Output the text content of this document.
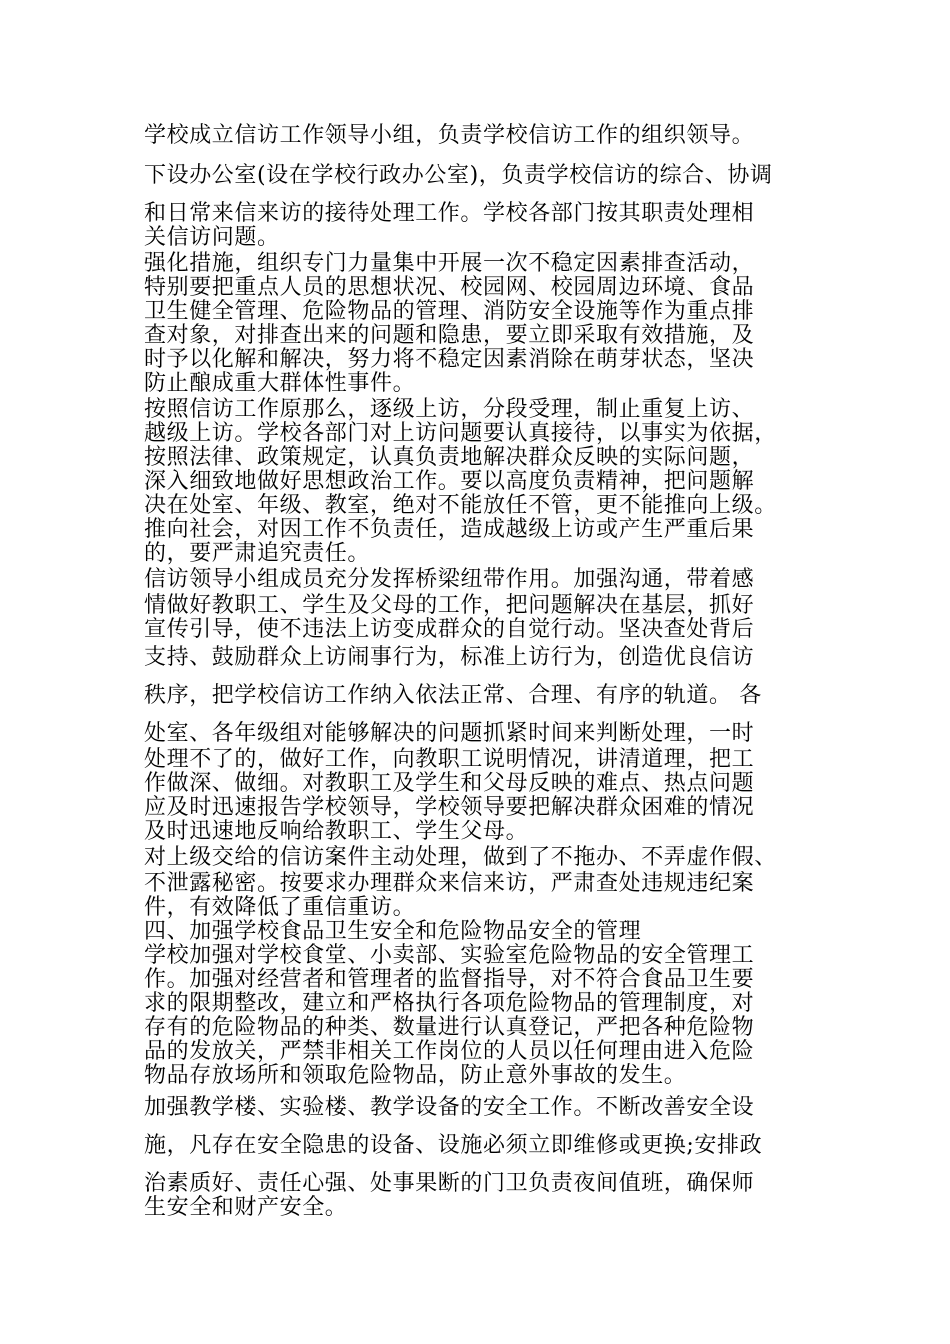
学校成立信访工作领导小组，负责学校信访工作的组织领导。
下设办公室(设在学校行政办公室)，负责学校信访的综合、协调
和日常来信来访的接待处理工作。学校各部门按其职责处理相
关信访问题。
强化措施，组织专门力量集中开展一次不稳定因素排查活动，
特别要把重点人员的思想状况、校园网、校园周边环境、食品
卫生健全管理、危险物品的管理、消防安全设施等作为重点排
查对象，对排查出来的问题和隐患，要立即采取有效措施，及
时予以化解和解决，努力将不稳定因素消除在萌芽状态，坚决
防止酿成重大群体性事件。
按照信访工作原那么，逐级上访，分段受理，制止重复上访、
越级上访。学校各部门对上访问题要认真接待，以事实为依据，
按照法律、政策规定，认真负责地解决群众反映的实际问题，
深入细致地做好思想政治工作。要以高度负责精神，把问题解
决在处室、年级、教室，绝对不能放任不管，更不能推向上级。
推向社会，对因工作不负责任，造成越级上访或产生严重后果
的，要严肃追究责任。
信访领导小组成员充分发挥桥梁纽带作用。加强沟通，带着感
情做好教职工、学生及父母的工作，把问题解决在基层，抓好
宣传引导，使不违法上访变成群众的自觉行动。坚决查处背后
支持、鼓励群众上访闹事行为，标准上访行为，创造优良信访
秩序，把学校信访工作纳入依法正常、合理、有序的轨道。 各
处室、各年级组对能够解决的问题抓紧时间来判断处理，一时
处理不了的，做好工作，向教职工说明情况，讲清道理，把工
作做深、做细。对教职工及学生和父母反映的难点、热点问题
应及时迅速报告学校领导，学校领导要把解决群众困难的情况
及时迅速地反响给教职工、学生父母。
对上级交给的信访案件主动处理，做到了不拖办、不弄虚作假、
不泄露秘密。按要求办理群众来信来访，严肃查处违规违纪案
件，有效降低了重信重访。
四、加强学校食品卫生安全和危险物品安全的管理
学校加强对学校食堂、小卖部、实验室危险物品的安全管理工
作。加强对经营者和管理者的监督指导，对不符合食品卫生要
求的限期整改，建立和严格执行各项危险物品的管理制度，对
存有的危险物品的种类、数量进行认真登记，严把各种危险物
品的发放关，严禁非相关工作岗位的人员以任何理由进入危险
物品存放场所和领取危险物品，防止意外事故的发生。
加强教学楼、实验楼、教学设备的安全工作。不断改善安全设
施，凡存在安全隐患的设备、设施必须立即维修或更换;安排政
治素质好、责任心强、处事果断的门卫负责夜间值班，确保师
生安全和财产安全。
